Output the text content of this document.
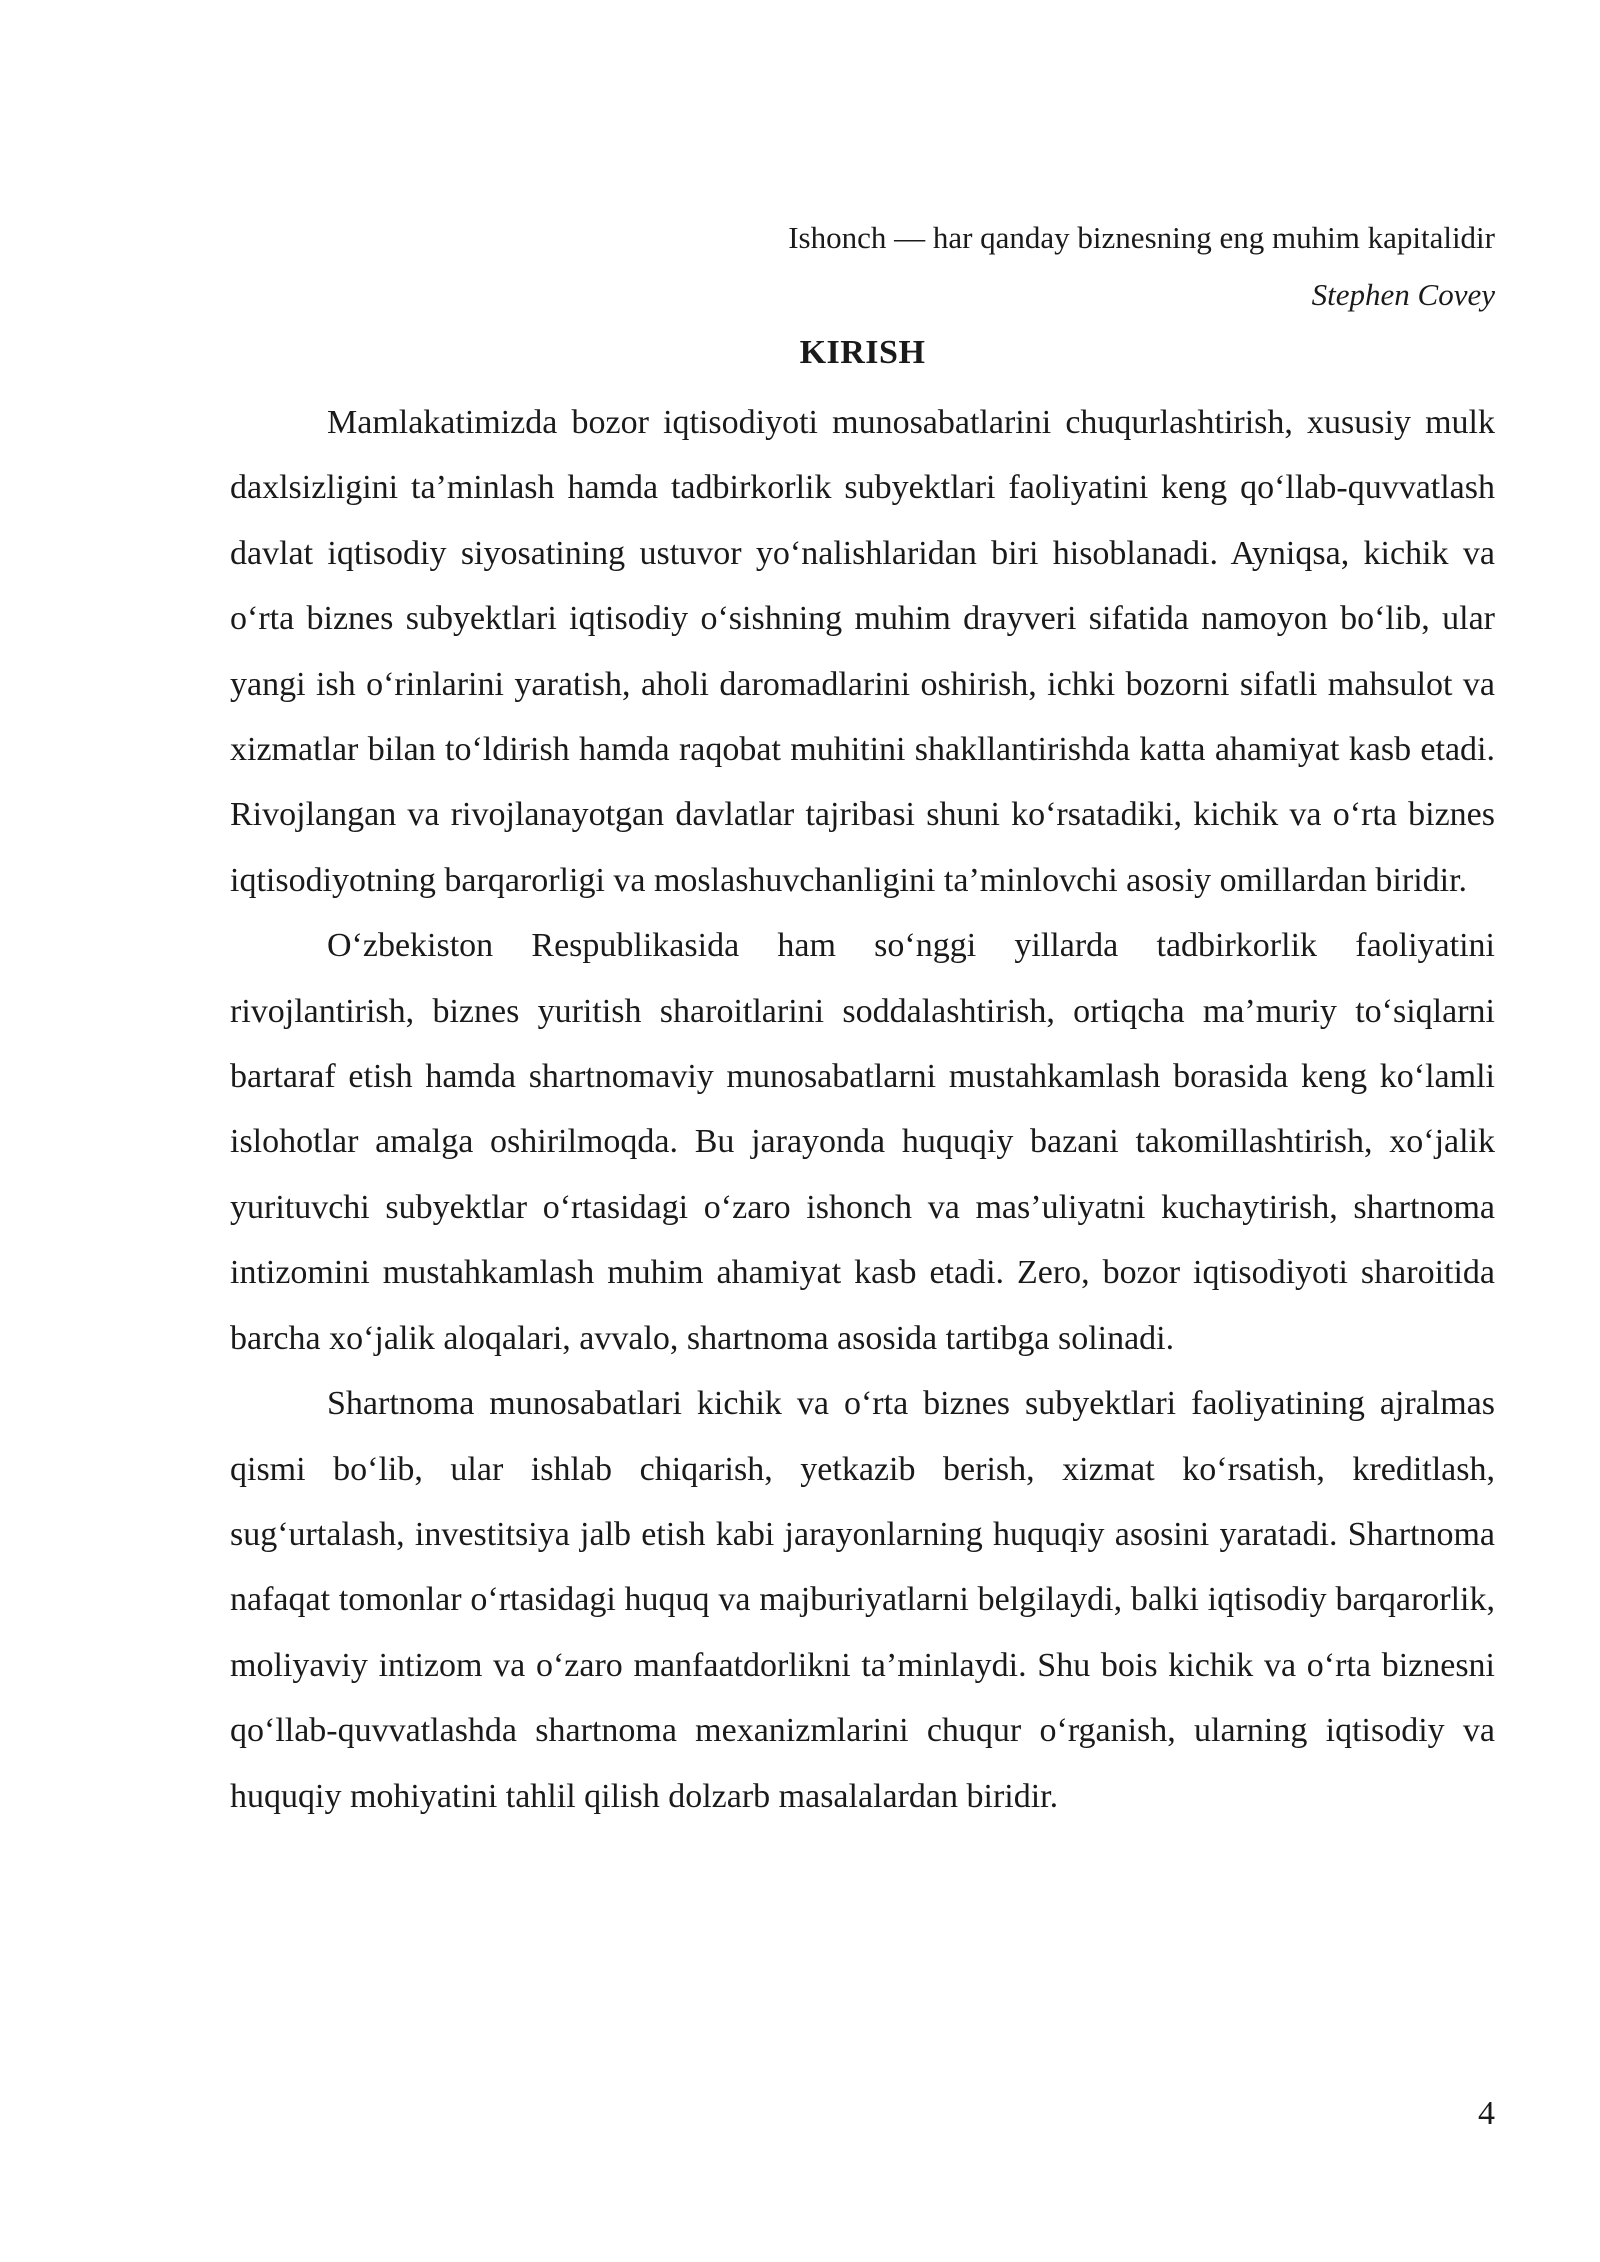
Ishonch — har qanday biznesning eng muhim kapitalidir
Stephen Covey
KIRISH

Mamlakatimizda bozor iqtisodiyoti munosabatlarini chuqurlashtirish, xususiy mulk daxlsizligini ta’minlash hamda tadbirkorlik subyektlari faoliyatini keng qo‘llab-quvvatlash davlat iqtisodiy siyosatining ustuvor yo‘nalishlaridan biri hisoblanadi. Ayniqsa, kichik va o‘rta biznes subyektlari iqtisodiy o‘sishning muhim drayveri sifatida namoyon bo‘lib, ular yangi ish o‘rinlarini yaratish, aholi daromadlarini oshirish, ichki bozorni sifatli mahsulot va xizmatlar bilan to‘ldirish hamda raqobat muhitini shakllantirishda katta ahamiyat kasb etadi. Rivojlangan va rivojlanayotgan davlatlar tajribasi shuni ko‘rsatadiki, kichik va o‘rta biznes iqtisodiyotning barqarorligi va moslashuvchanligini ta’minlovchi asosiy omillardan biridir.

O‘zbekiston Respublikasida ham so‘nggi yillarda tadbirkorlik faoliyatini rivojlantirish, biznes yuritish sharoitlarini soddalashtirish, ortiqcha ma’muriy to‘siqlarni bartaraf etish hamda shartnomaviy munosabatlarni mustahkamlash borasida keng ko‘lamli islohotlar amalga oshirilmoqda. Bu jarayonda huquqiy bazani takomillashtirish, xo‘jalik yurituvchi subyektlar o‘rtasidagi o‘zaro ishonch va mas’uliyatni kuchaytirish, shartnoma intizomini mustahkamlash muhim ahamiyat kasb etadi. Zero, bozor iqtisodiyoti sharoitida barcha xo‘jalik aloqalari, avvalo, shartnoma asosida tartibga solinadi.

Shartnoma munosabatlari kichik va o‘rta biznes subyektlari faoliyatining ajralmas qismi bo‘lib, ular ishlab chiqarish, yetkazib berish, xizmat ko‘rsatish, kreditlash, sug‘urtalash, investitsiya jalb etish kabi jarayonlarning huquqiy asosini yaratadi. Shartnoma nafaqat tomonlar o‘rtasidagi huquq va majburiyatlarni belgilaydi, balki iqtisodiy barqarorlik, moliyaviy intizom va o‘zaro manfaatdorlikni ta’minlaydi. Shu bois kichik va o‘rta biznesni qo‘llab-quvvatlashda shartnoma mexanizmlarini chuqur o‘rganish, ularning iqtisodiy va huquqiy mohiyatini tahlil qilish dolzarb masalalardan biridir.

4
